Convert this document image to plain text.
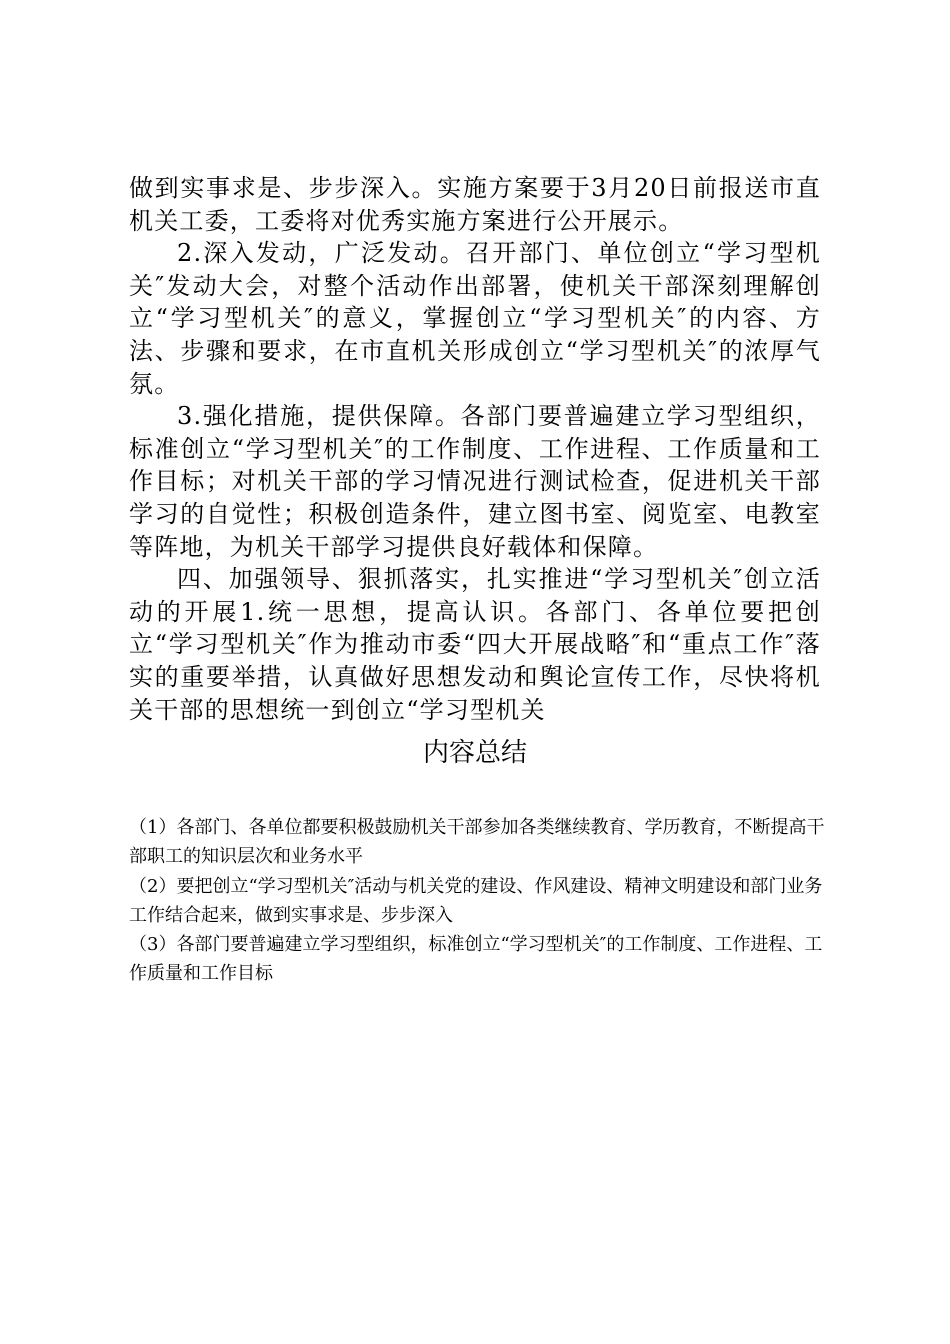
做到实事求是、步步深入。实施方案要于3月20日前报送市直机关工委，工委将对优秀实施方案进行公开展示。

2.深入发动，广泛发动。召开部门、单位创立“学习型机关″发动大会，对整个活动作出部署，使机关干部深刻理解创立“学习型机关″的意义，掌握创立“学习型机关″的内容、方法、步骤和要求，在市直机关形成创立“学习型机关″的浓厚气氛。

3.强化措施，提供保障。各部门要普遍建立学习型组织，标准创立“学习型机关″的工作制度、工作进程、工作质量和工作目标；对机关干部的学习情况进行测试检查，促进机关干部学习的自觉性；积极创造条件，建立图书室、阅览室、电教室等阵地，为机关干部学习提供良好载体和保障。

四、加强领导、狠抓落实，扎实推进“学习型机关″创立活动的开展1.统一思想，提高认识。各部门、各单位要把创立“学习型机关″作为推动市委“四大开展战略″和“重点工作″落实的重要举措，认真做好思想发动和舆论宣传工作，尽快将机关干部的思想统一到创立“学习型机关

内容总结

（1）各部门、各单位都要积极鼓励机关干部参加各类继续教育、学历教育，不断提高干部职工的知识层次和业务水平

（2）要把创立“学习型机关″活动与机关党的建设、作风建设、精神文明建设和部门业务工作结合起来，做到实事求是、步步深入

（3）各部门要普遍建立学习型组织，标准创立“学习型机关″的工作制度、工作进程、工作质量和工作目标
